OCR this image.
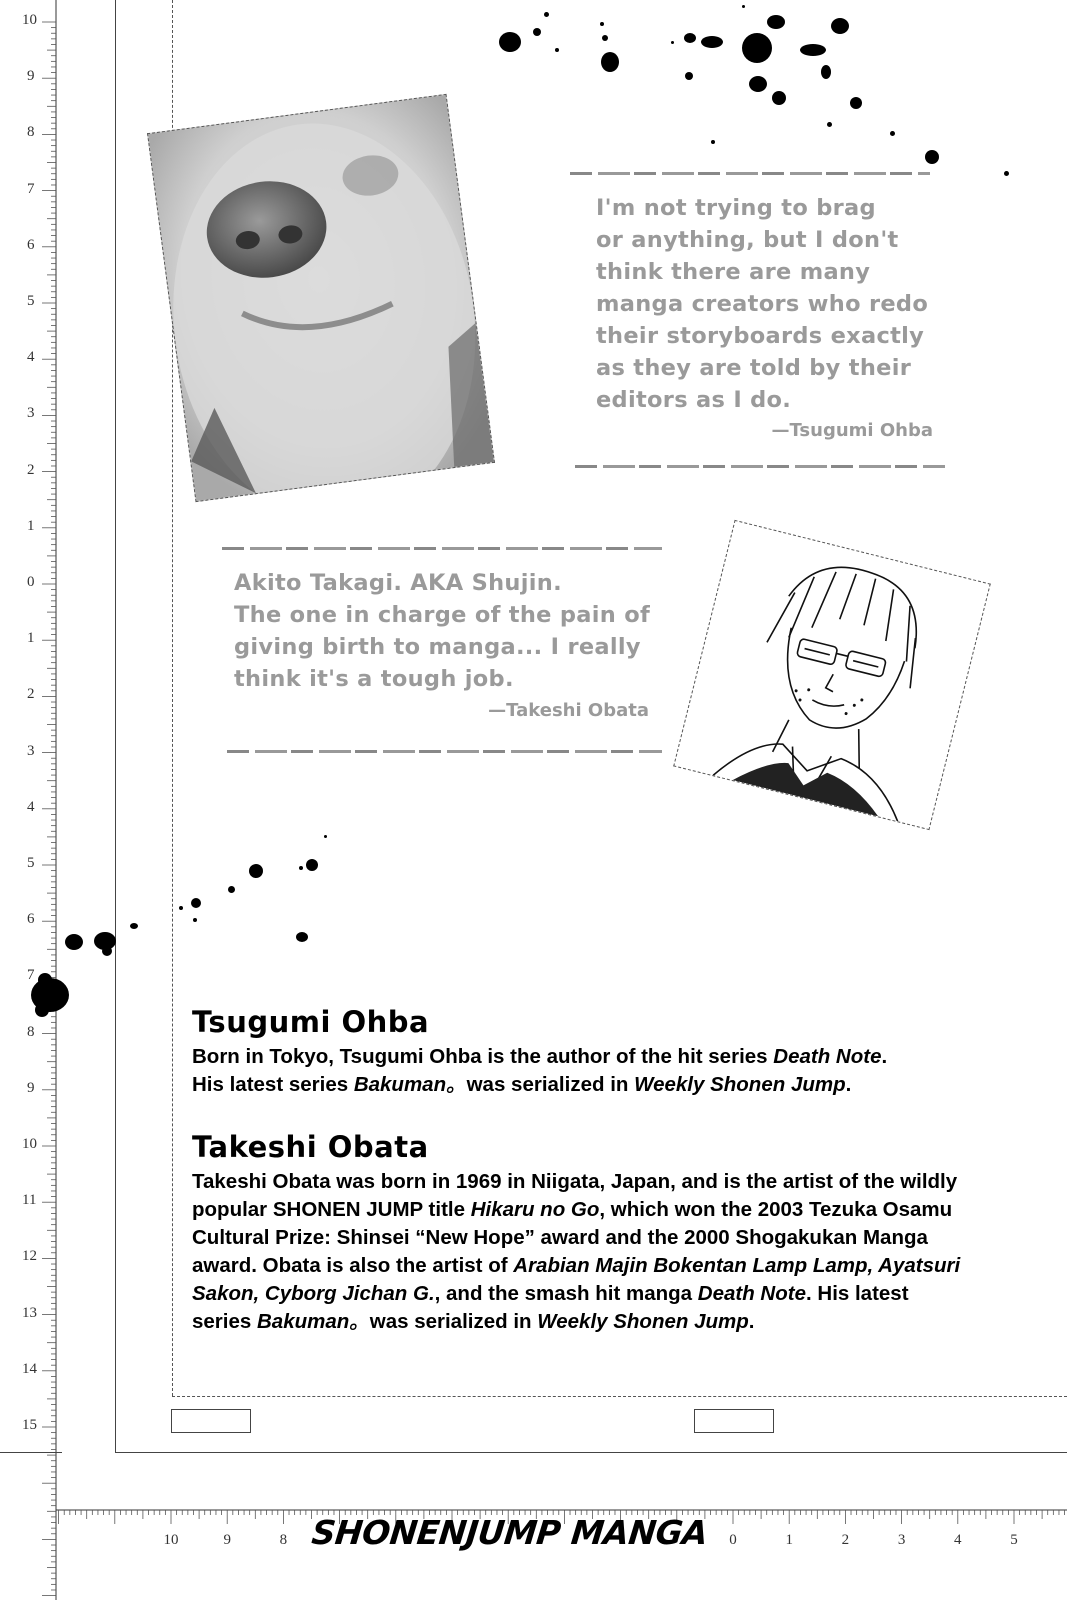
10
9
8
7
6
5
4
3
2
1
0
1
2
3
4
5
6
7
8
9
10
11
12
13
14
15
10	9	8	0	1	2	3	4	5
I'm not trying to brag
or anything, but I don't
think there are many
manga creators who redo
their storyboards exactly
as they are told by their
editors as I do.
—Tsugumi Ohba
Akito Takagi. AKA Shujin.
The one in charge of the pain of
giving birth to manga... I really
think it's a tough job.
—Takeshi Obata
Tsugumi Ohba

Born in Tokyo, Tsugumi Ohba is the author of the hit series Death Note.
His latest series Bakuman。was serialized in Weekly Shonen Jump.

Takeshi Obata

Takeshi Obata was born in 1969 in Niigata, Japan, and is the artist of the wildly popular SHONEN JUMP title Hikaru no Go, which won the 2003 Tezuka Osamu Cultural Prize: Shinsei “New Hope” award and the 2000 Shogakukan Manga award. Obata is also the artist of Arabian Majin Bokentan Lamp Lamp, Ayatsuri Sakon, Cyborg Jichan G., and the smash hit manga Death Note. His latest series Bakuman。was serialized in Weekly Shonen Jump.

SHONENJUMP MANGA
